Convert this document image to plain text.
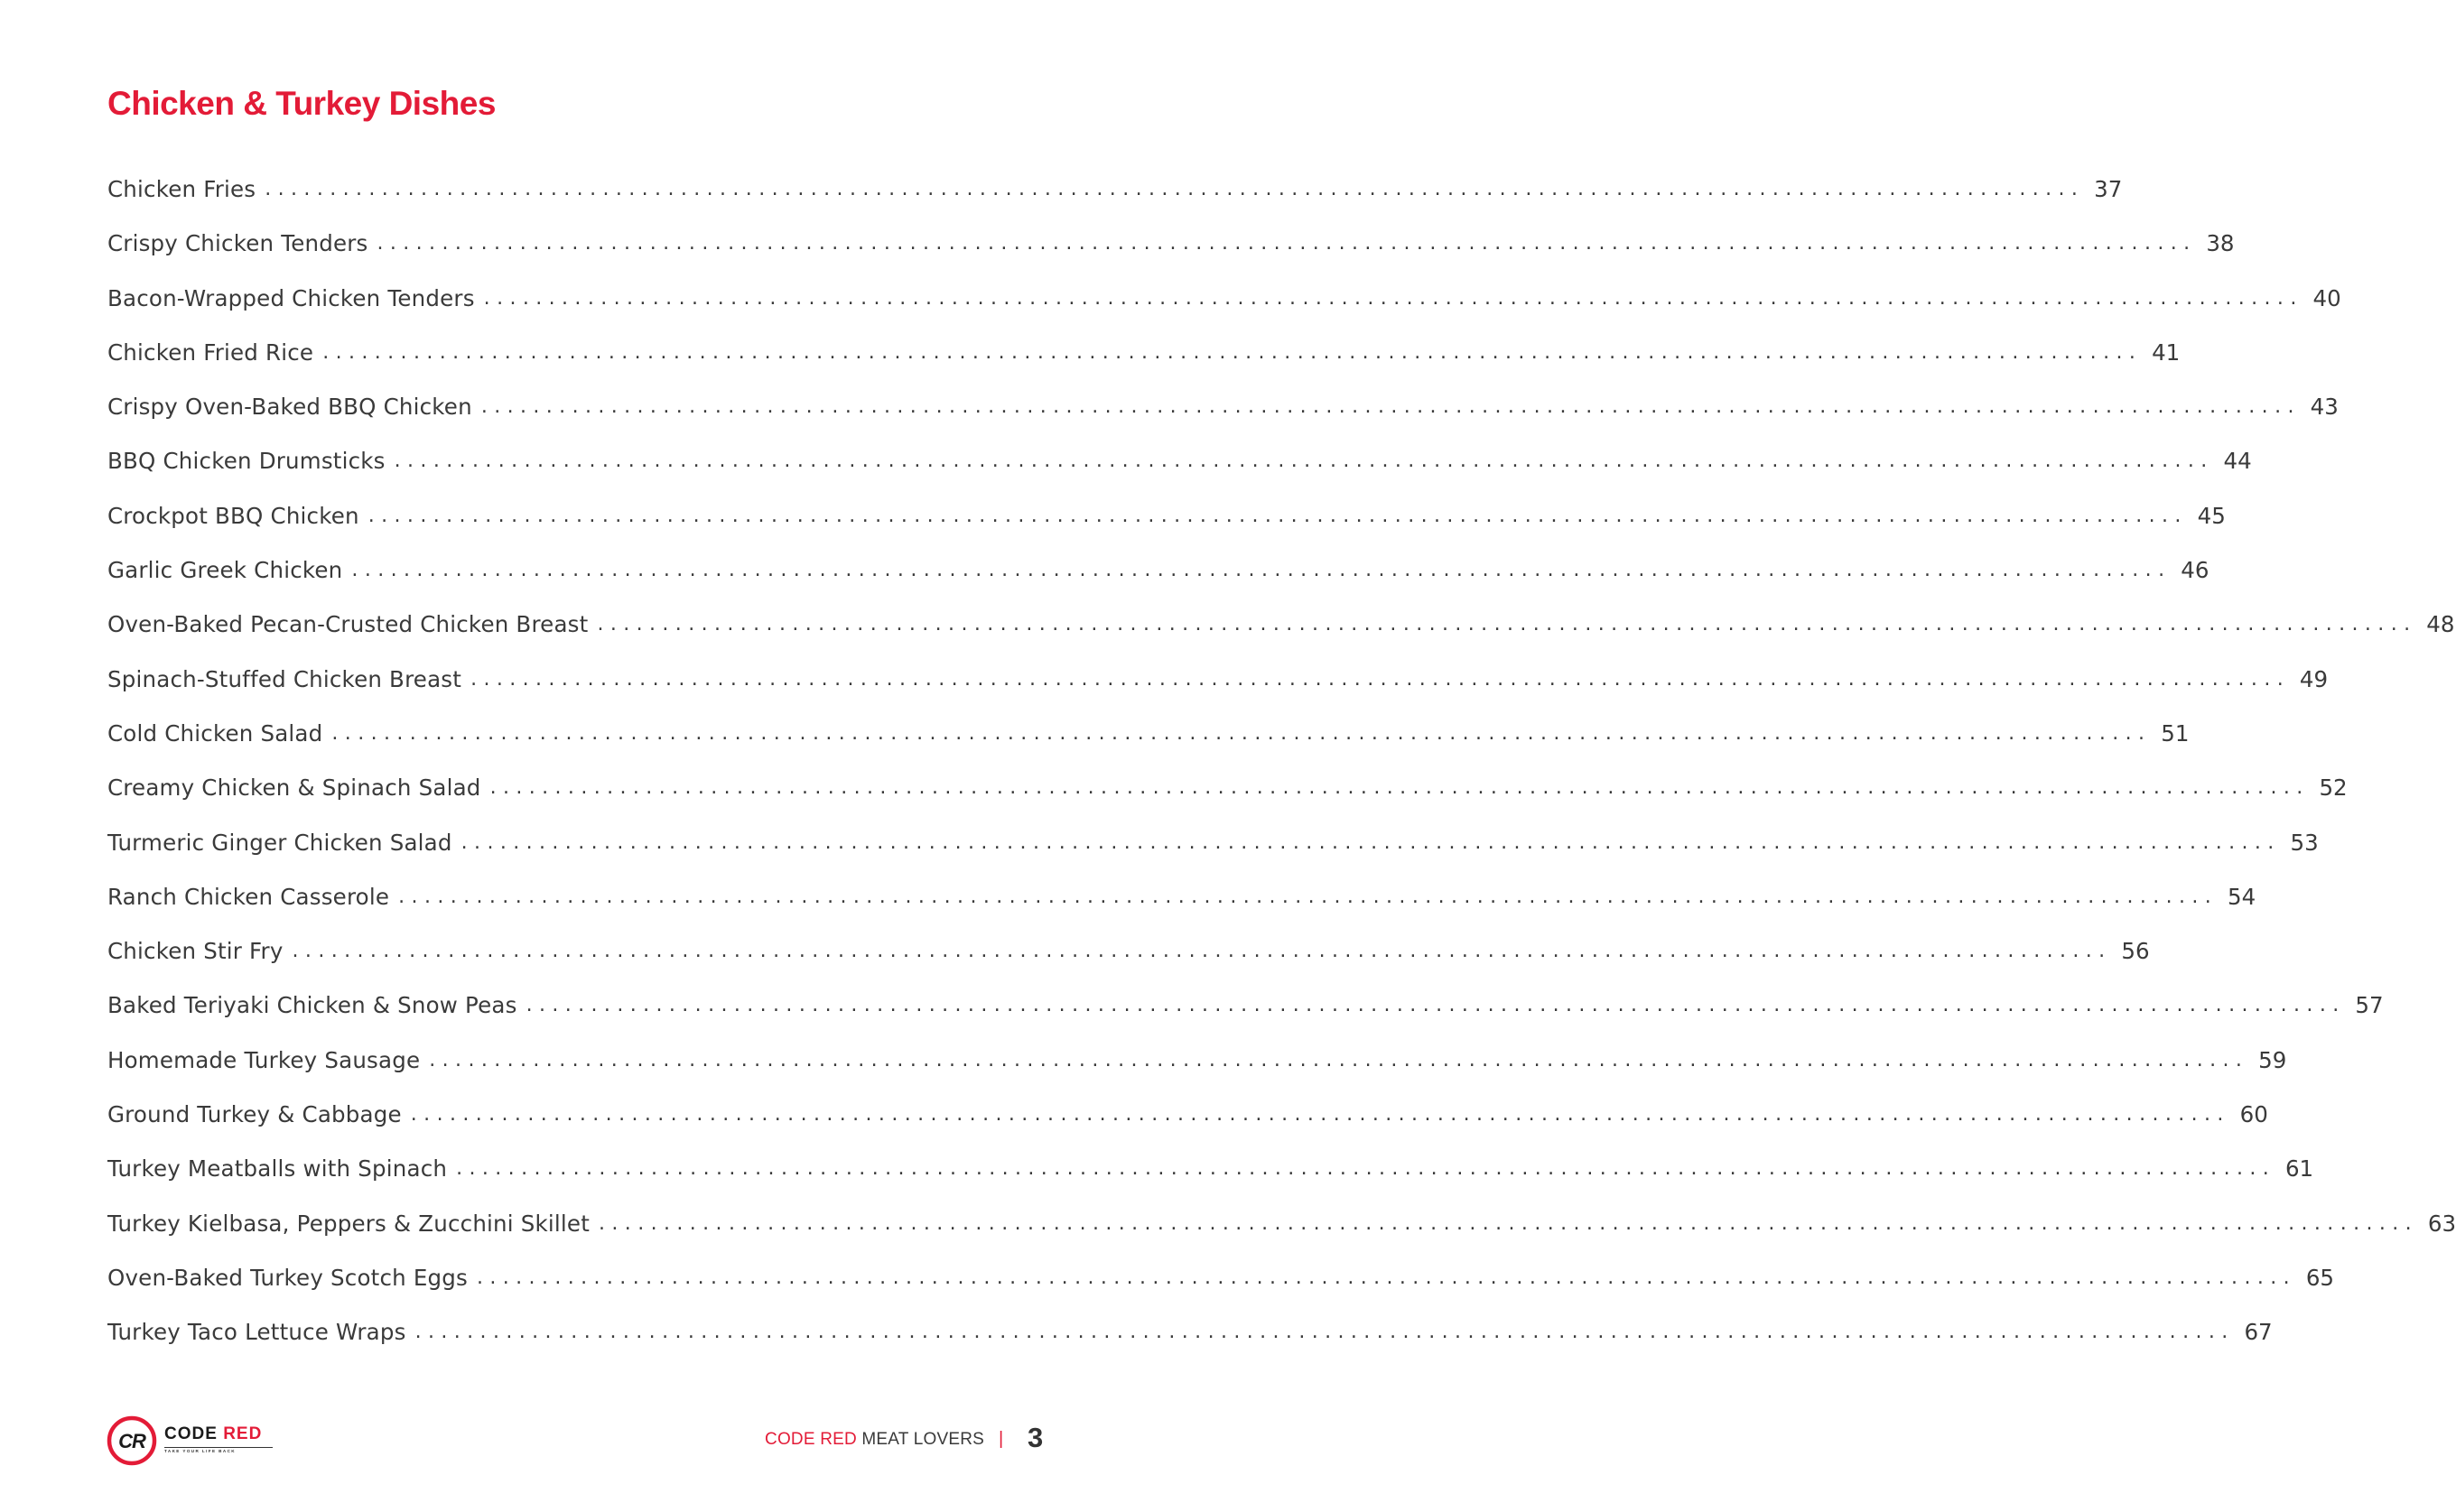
Chicken & Turkey Dishes
Chicken Fries ............................................................................................................................................ 37
Crispy Chicken Tenders ............................................................................................................................................ 38
Bacon-Wrapped Chicken Tenders ............................................................................................................................................ 40
Chicken Fried Rice ............................................................................................................................................ 41
Crispy Oven-Baked BBQ Chicken ............................................................................................................................................ 43
BBQ Chicken Drumsticks ............................................................................................................................................ 44
Crockpot BBQ Chicken ............................................................................................................................................ 45
Garlic Greek Chicken ............................................................................................................................................ 46
Oven-Baked Pecan-Crusted Chicken Breast ............................................................................................................................................ 48
Spinach-Stuffed Chicken Breast ............................................................................................................................................ 49
Cold Chicken Salad ............................................................................................................................................ 51
Creamy Chicken & Spinach Salad ............................................................................................................................................ 52
Turmeric Ginger Chicken Salad ............................................................................................................................................ 53
Ranch Chicken Casserole ............................................................................................................................................ 54
Chicken Stir Fry ............................................................................................................................................ 56
Baked Teriyaki Chicken & Snow Peas ............................................................................................................................................ 57
Homemade Turkey Sausage ............................................................................................................................................ 59
Ground Turkey & Cabbage ............................................................................................................................................ 60
Turkey Meatballs with Spinach ............................................................................................................................................ 61
Turkey Kielbasa, Peppers & Zucchini Skillet ............................................................................................................................................ 63
Oven-Baked Turkey Scotch Eggs ............................................................................................................................................ 65
Turkey Taco Lettuce Wraps ............................................................................................................................................ 67
CR CODE RED
TAKE YOUR LIFE BACK
CODE RED MEAT LOVERS | 3
